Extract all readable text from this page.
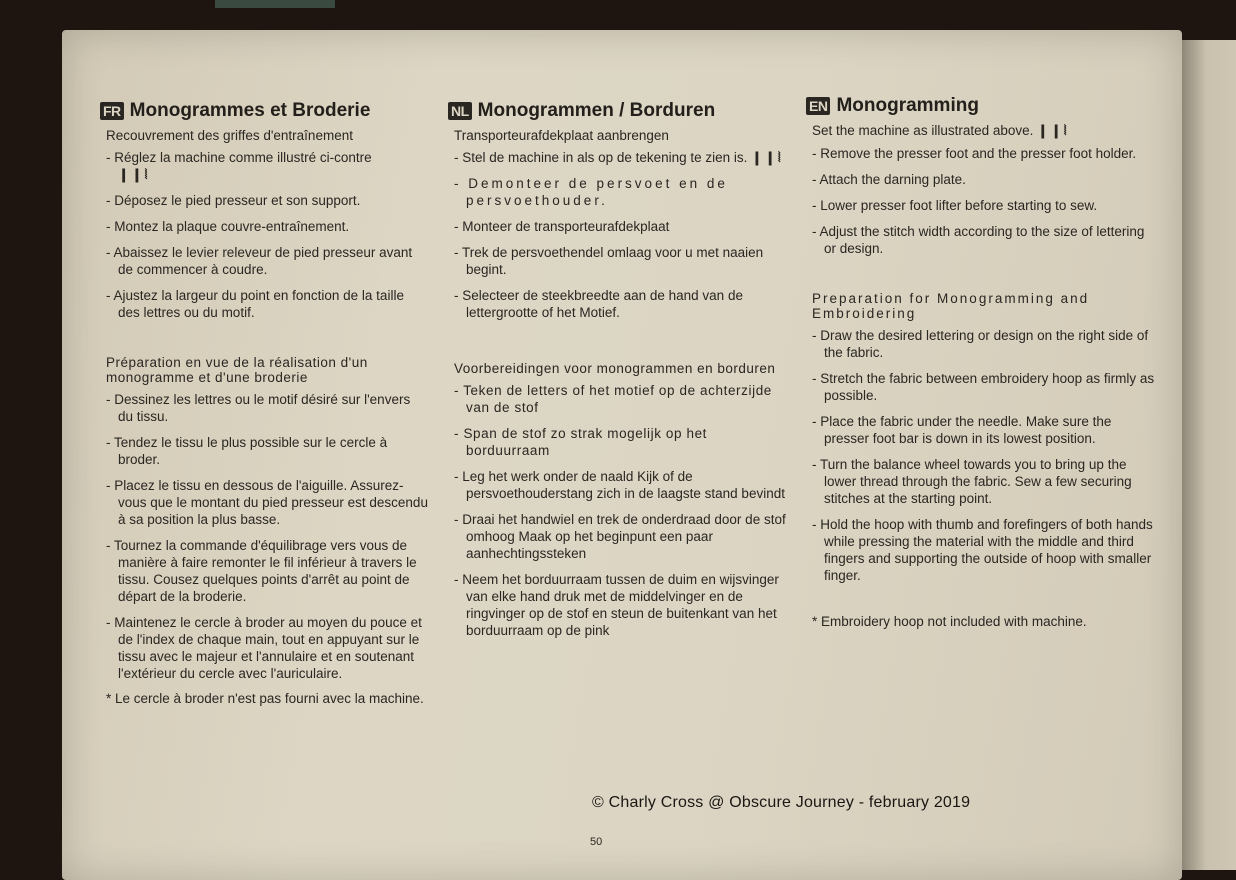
FR Monogrammes et Broderie
Recouvrement des griffes d'entraînement
- Réglez la machine comme illustré ci-contre
❙❙⦚
- Déposez le pied presseur et son support.
- Montez la plaque couvre-entraînement.
- Abaissez le levier releveur de pied presseur avant de commencer à coudre.
- Ajustez la largeur du point en fonction de la taille des lettres ou du motif.
Préparation en vue de la réalisation d'un monogramme et d'une broderie
- Dessinez les lettres ou le motif désiré sur l'envers du tissu.
- Tendez le tissu le plus possible sur le cercle à broder.
- Placez le tissu en dessous de l'aiguille. Assurez-vous que le montant du pied presseur est descendu à sa position la plus basse.
- Tournez la commande d'équilibrage vers vous de manière à faire remonter le fil inférieur à travers le tissu. Cousez quelques points d'arrêt au point de départ de la broderie.
- Maintenez le cercle à broder au moyen du pouce et de l'index de chaque main, tout en appuyant sur le tissu avec le majeur et l'annulaire et en soutenant l'extérieur du cercle avec l'auriculaire.
* Le cercle à broder n'est pas fourni avec la machine.
NL Monogrammen / Borduren
Transporteurafdekplaat aanbrengen
- Stel de machine in als op de tekening te zien is. ❙❙⦚
- Demonteer de persvoet en de persvoethouder.
- Monteer de transporteurafdekplaat
- Trek de persvoethendel omlaag voor u met naaien begint.
- Selecteer de steekbreedte aan de hand van de lettergrootte of het Motief.
Voorbereidingen voor monogrammen en borduren
- Teken de letters of het motief op de achterzijde van de stof
- Span de stof zo strak mogelijk op het borduurraam
- Leg het werk onder de naald Kijk of de persvoethouderstang zich in de laagste stand bevindt
- Draai het handwiel en trek de onderdraad door de stof omhoog Maak op het beginpunt een paar aanhechtingssteken
- Neem het borduurraam tussen de duim en wijsvinger van elke hand druk met de middelvinger en de ringvinger op de stof en steun de buitenkant van het borduurraam op de pink
EN Monogramming
Set the machine as illustrated above. ❙❙⦚
- Remove the presser foot and the presser foot holder.
- Attach the darning plate.
- Lower presser foot lifter before starting to sew.
- Adjust the stitch width according to the size of lettering or design.
Preparation for Monogramming and Embroidering
- Draw the desired lettering or design on the right side of the fabric.
- Stretch the fabric between embroidery hoop as firmly as possible.
- Place the fabric under the needle. Make sure the presser foot bar is down in its lowest position.
- Turn the balance wheel towards you to bring up the lower thread through the fabric. Sew a few securing stitches at the starting point.
- Hold the hoop with thumb and forefingers of both hands while pressing the material with the middle and third fingers and supporting the outside of hoop with smaller finger.
* Embroidery hoop not included with machine.
© Charly Cross @ Obscure Journey - february 2019
50
